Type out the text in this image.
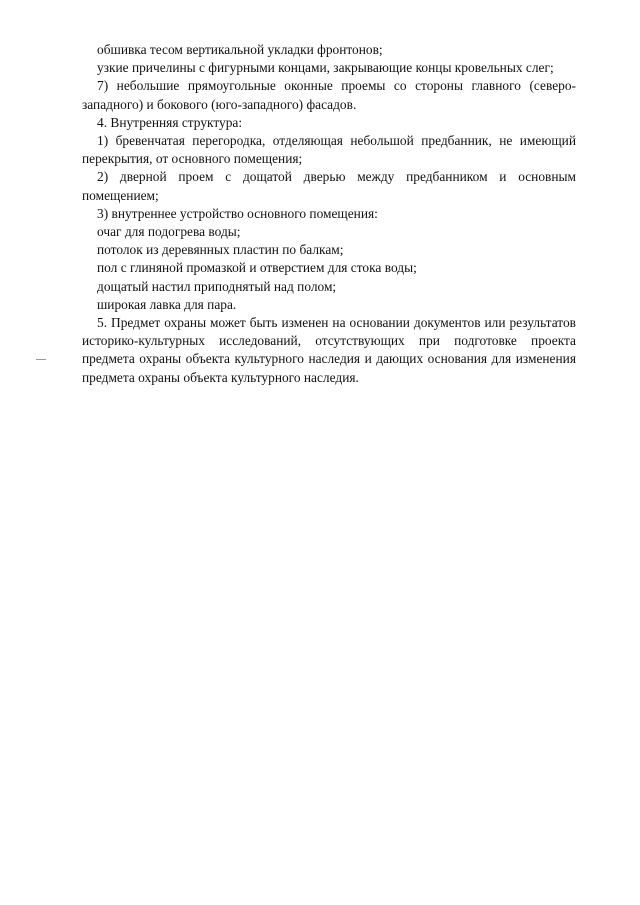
обшивка тесом вертикальной укладки фронтонов;

узкие причелины с фигурными концами, закрывающие концы кровельных слег;

7) небольшие прямоугольные оконные проемы со стороны главного (северо-западного) и бокового (юго-западного) фасадов.

4. Внутренняя структура:

1) бревенчатая перегородка, отделяющая небольшой предбанник, не имеющий перекрытия, от основного помещения;

2) дверной проем с дощатой дверью между предбанником и основным помещением;

3) внутреннее устройство основного помещения:

очаг для подогрева воды;

потолок из деревянных пластин по балкам;

пол с глиняной промазкой и отверстием для стока воды;

дощатый настил приподнятый над полом;

широкая лавка для пара.

5. Предмет охраны может быть изменен на основании документов или результатов историко-культурных исследований, отсутствующих при подготовке проекта предмета охраны объекта культурного наследия и дающих основания для изменения предмета охраны объекта культурного наследия.
